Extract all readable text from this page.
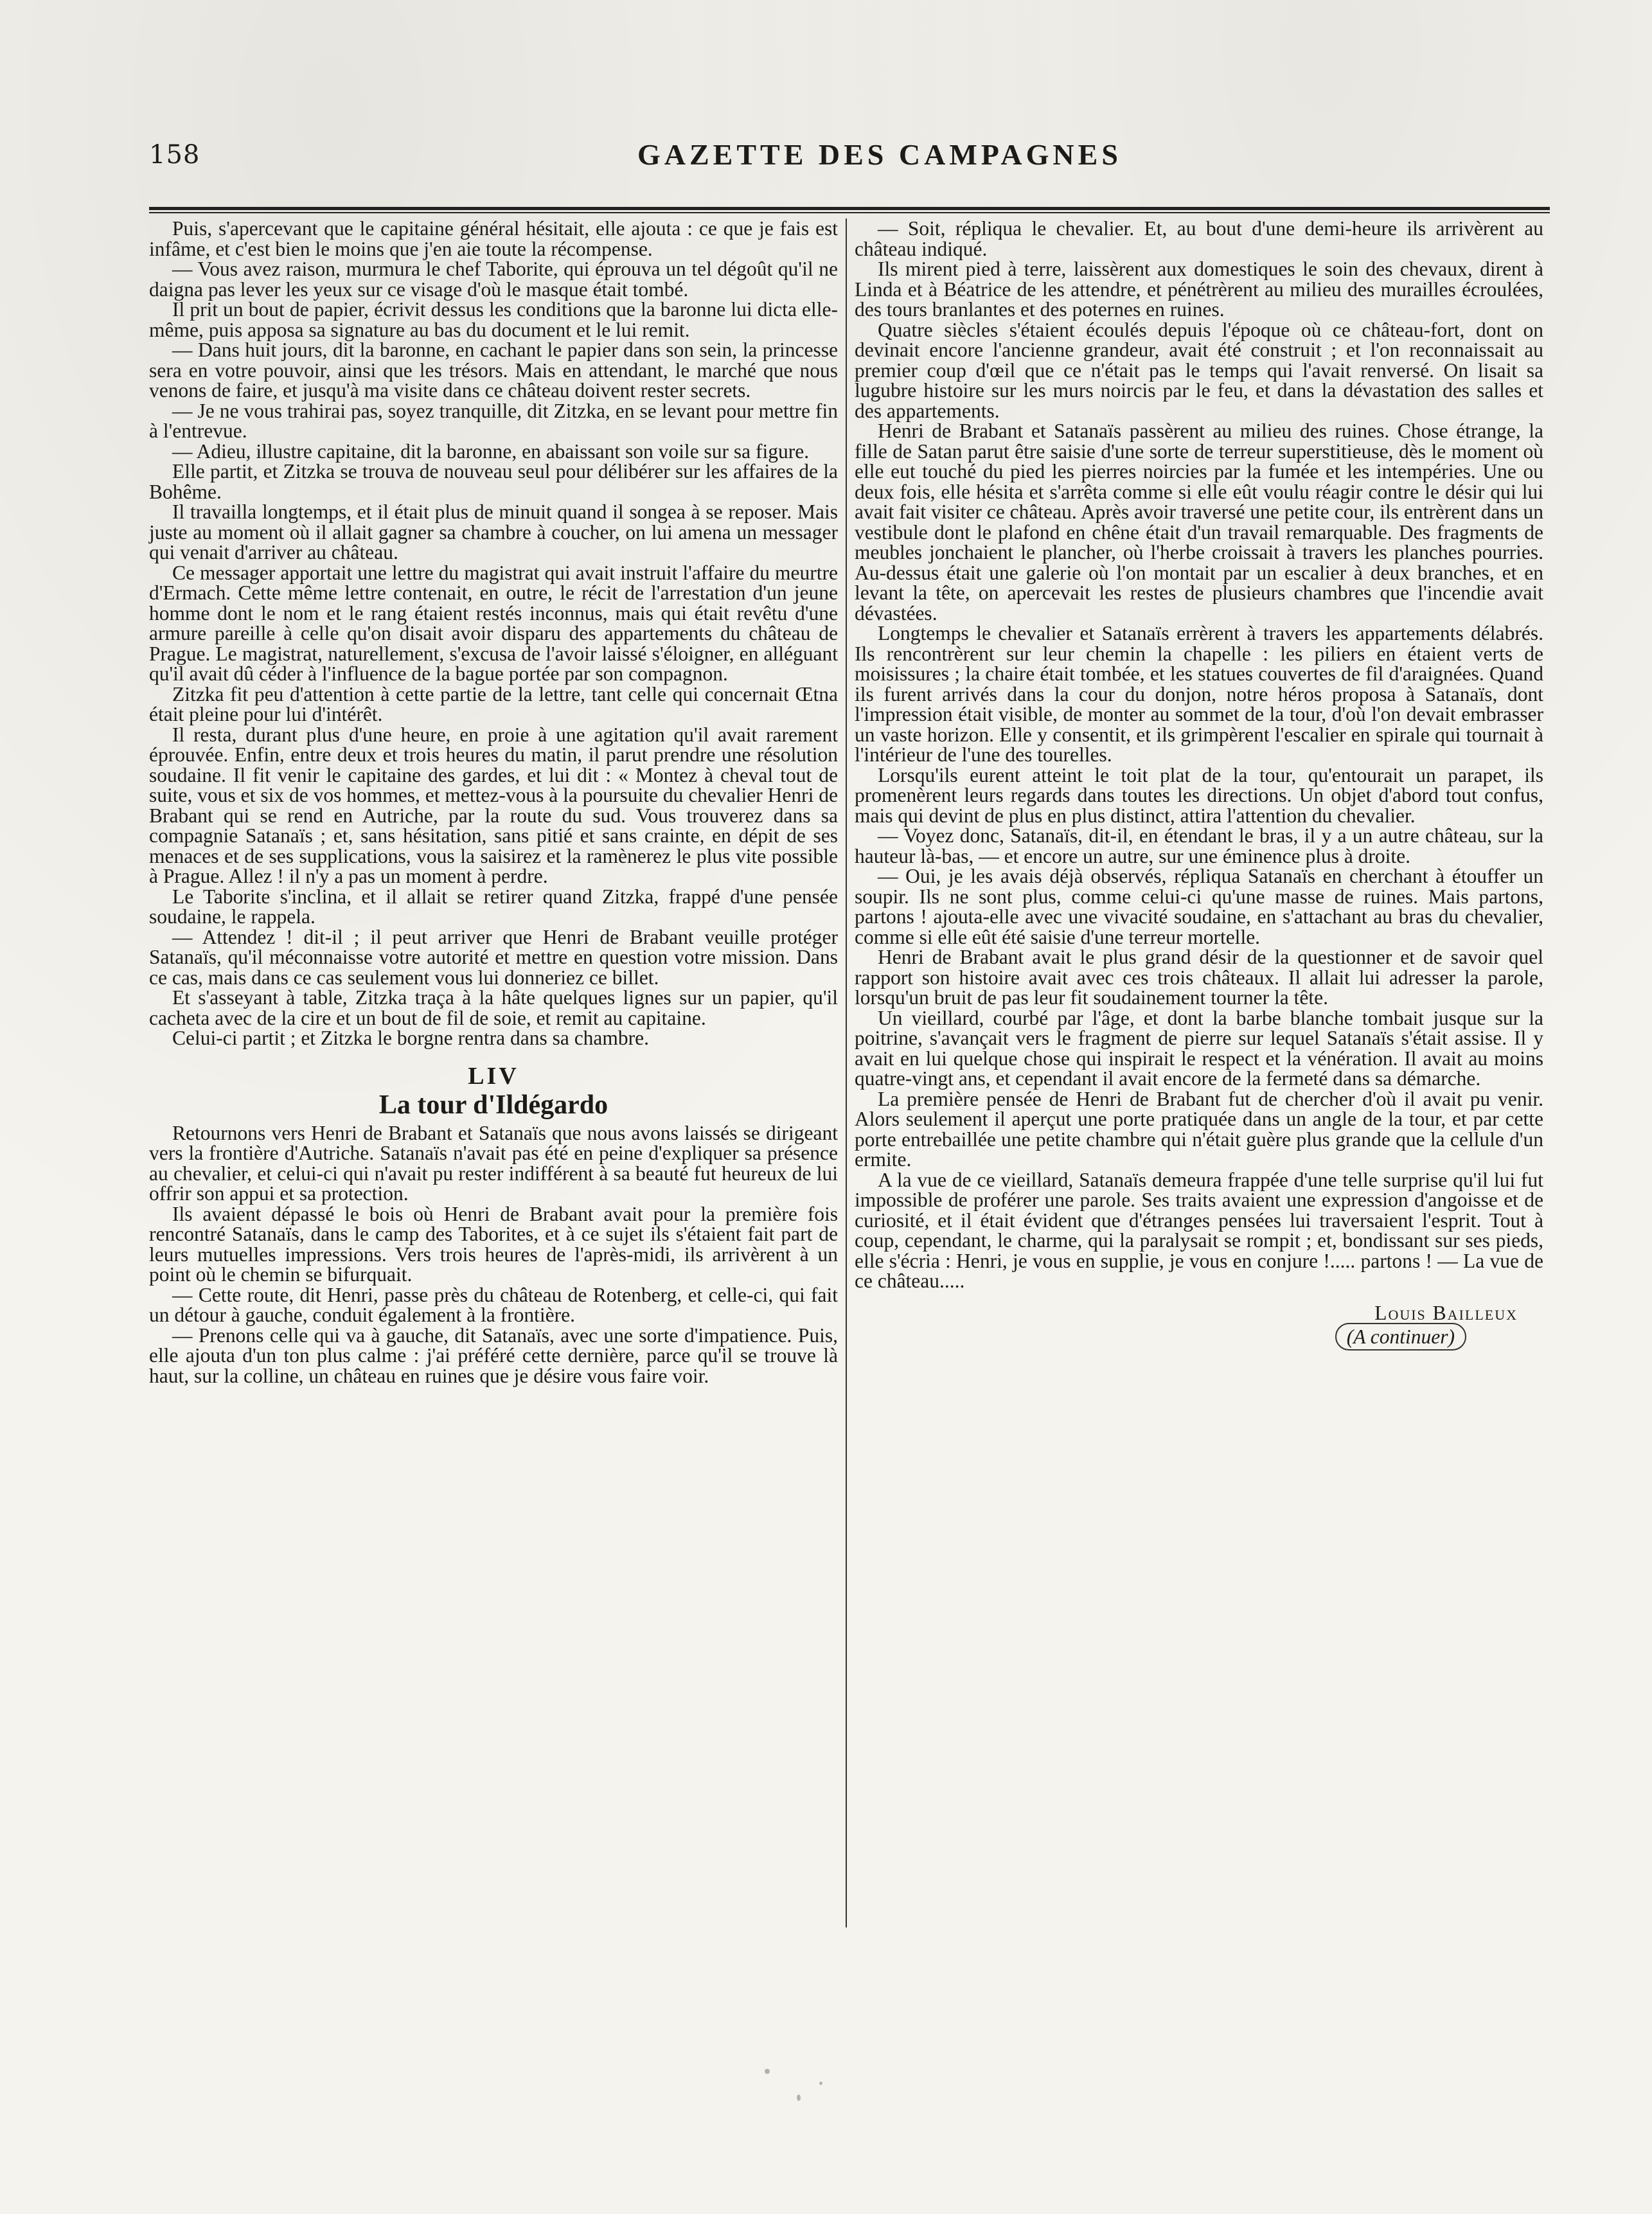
158	GAZETTE DES CAMPAGNES

Puis, s'apercevant que le capitaine général hésitait, elle ajouta : ce que je fais est infâme, et c'est bien le moins que j'en aie toute la récompense.

— Vous avez raison, murmura le chef Taborite, qui éprouva un tel dégoût qu'il ne daigna pas lever les yeux sur ce visage d'où le masque était tombé.

Il prit un bout de papier, écrivit dessus les conditions que la baronne lui dicta elle-même, puis apposa sa signature au bas du document et le lui remit.

— Dans huit jours, dit la baronne, en cachant le papier dans son sein, la princesse sera en votre pouvoir, ainsi que les trésors. Mais en attendant, le marché que nous venons de faire, et jusqu'à ma visite dans ce château doivent rester secrets.

— Je ne vous trahirai pas, soyez tranquille, dit Zitzka, en se levant pour mettre fin à l'entrevue.

— Adieu, illustre capitaine, dit la baronne, en abaissant son voile sur sa figure.

Elle partit, et Zitzka se trouva de nouveau seul pour délibérer sur les affaires de la Bohême.

Il travailla longtemps, et il était plus de minuit quand il songea à se reposer. Mais juste au moment où il allait gagner sa chambre à coucher, on lui amena un messager qui venait d'arriver au château.

Ce messager apportait une lettre du magistrat qui avait instruit l'affaire du meurtre d'Ermach. Cette même lettre contenait, en outre, le récit de l'arrestation d'un jeune homme dont le nom et le rang étaient restés inconnus, mais qui était revêtu d'une armure pareille à celle qu'on disait avoir disparu des appartements du château de Prague. Le magistrat, naturellement, s'excusa de l'avoir laissé s'éloigner, en alléguant qu'il avait dû céder à l'influence de la bague portée par son compagnon.

Zitzka fit peu d'attention à cette partie de la lettre, tant celle qui concernait Œtna était pleine pour lui d'intérêt.

Il resta, durant plus d'une heure, en proie à une agitation qu'il avait rarement éprouvée. Enfin, entre deux et trois heures du matin, il parut prendre une résolution soudaine. Il fit venir le capitaine des gardes, et lui dit : « Montez à cheval tout de suite, vous et six de vos hommes, et mettez-vous à la poursuite du chevalier Henri de Brabant qui se rend en Autriche, par la route du sud. Vous trouverez dans sa compagnie Satanaïs ; et, sans hésitation, sans pitié et sans crainte, en dépit de ses menaces et de ses supplications, vous la saisirez et la ramènerez le plus vite possible à Prague. Allez ! il n'y a pas un moment à perdre.

Le Taborite s'inclina, et il allait se retirer quand Zitzka, frappé d'une pensée soudaine, le rappela.

— Attendez ! dit-il ; il peut arriver que Henri de Brabant veuille protéger Satanaïs, qu'il méconnaisse votre autorité et mettre en question votre mission. Dans ce cas, mais dans ce cas seulement vous lui donneriez ce billet.

Et s'asseyant à table, Zitzka traça à la hâte quelques lignes sur un papier, qu'il cacheta avec de la cire et un bout de fil de soie, et remit au capitaine.

Celui-ci partit ; et Zitzka le borgne rentra dans sa chambre.

LIV
La tour d'Ildégardo

Retournons vers Henri de Brabant et Satanaïs que nous avons laissés se dirigeant vers la frontière d'Autriche. Satanaïs n'avait pas été en peine d'expliquer sa présence au chevalier, et celui-ci qui n'avait pu rester indifférent à sa beauté fut heureux de lui offrir son appui et sa protection.

Ils avaient dépassé le bois où Henri de Brabant avait pour la première fois rencontré Satanaïs, dans le camp des Taborites, et à ce sujet ils s'étaient fait part de leurs mutuelles impressions. Vers trois heures de l'après-midi, ils arrivèrent à un point où le chemin se bifurquait.

— Cette route, dit Henri, passe près du château de Rotenberg, et celle-ci, qui fait un détour à gauche, conduit également à la frontière.

— Prenons celle qui va à gauche, dit Satanaïs, avec une sorte d'impatience. Puis, elle ajouta d'un ton plus calme : j'ai préféré cette dernière, parce qu'il se trouve là haut, sur la colline, un château en ruines que je désire vous faire voir.

— Soit, répliqua le chevalier. Et, au bout d'une demi-heure ils arrivèrent au château indiqué.

Ils mirent pied à terre, laissèrent aux domestiques le soin des chevaux, dirent à Linda et à Béatrice de les attendre, et pénétrèrent au milieu des murailles écroulées, des tours branlantes et des poternes en ruines.

Quatre siècles s'étaient écoulés depuis l'époque où ce château-fort, dont on devinait encore l'ancienne grandeur, avait été construit ; et l'on reconnaissait au premier coup d'œil que ce n'était pas le temps qui l'avait renversé. On lisait sa lugubre histoire sur les murs noircis par le feu, et dans la dévastation des salles et des appartements.

Henri de Brabant et Satanaïs passèrent au milieu des ruines. Chose étrange, la fille de Satan parut être saisie d'une sorte de terreur superstitieuse, dès le moment où elle eut touché du pied les pierres noircies par la fumée et les intempéries. Une ou deux fois, elle hésita et s'arrêta comme si elle eût voulu réagir contre le désir qui lui avait fait visiter ce château. Après avoir traversé une petite cour, ils entrèrent dans un vestibule dont le plafond en chêne était d'un travail remarquable. Des fragments de meubles jonchaient le plancher, où l'herbe croissait à travers les planches pourries. Au-dessus était une galerie où l'on montait par un escalier à deux branches, et en levant la tête, on apercevait les restes de plusieurs chambres que l'incendie avait dévastées.

Longtemps le chevalier et Satanaïs errèrent à travers les appartements délabrés. Ils rencontrèrent sur leur chemin la chapelle : les piliers en étaient verts de moisissures ; la chaire était tombée, et les statues couvertes de fil d'araignées. Quand ils furent arrivés dans la cour du donjon, notre héros proposa à Satanaïs, dont l'impression était visible, de monter au sommet de la tour, d'où l'on devait embrasser un vaste horizon. Elle y consentit, et ils grimpèrent l'escalier en spirale qui tournait à l'intérieur de l'une des tourelles.

Lorsqu'ils eurent atteint le toit plat de la tour, qu'entourait un parapet, ils promenèrent leurs regards dans toutes les directions. Un objet d'abord tout confus, mais qui devint de plus en plus distinct, attira l'attention du chevalier.

— Voyez donc, Satanaïs, dit-il, en étendant le bras, il y a un autre château, sur la hauteur là-bas, — et encore un autre, sur une éminence plus à droite.

— Oui, je les avais déjà observés, répliqua Satanaïs en cherchant à étouffer un soupir. Ils ne sont plus, comme celui-ci qu'une masse de ruines. Mais partons, partons ! ajouta-elle avec une vivacité soudaine, en s'attachant au bras du chevalier, comme si elle eût été saisie d'une terreur mortelle.

Henri de Brabant avait le plus grand désir de la questionner et de savoir quel rapport son histoire avait avec ces trois châteaux. Il allait lui adresser la parole, lorsqu'un bruit de pas leur fit soudainement tourner la tête.

Un vieillard, courbé par l'âge, et dont la barbe blanche tombait jusque sur la poitrine, s'avançait vers le fragment de pierre sur lequel Satanaïs s'était assise. Il y avait en lui quelque chose qui inspirait le respect et la vénération. Il avait au moins quatre-vingt ans, et cependant il avait encore de la fermeté dans sa démarche.

La première pensée de Henri de Brabant fut de chercher d'où il avait pu venir. Alors seulement il aperçut une porte pratiquée dans un angle de la tour, et par cette porte entrebaillée une petite chambre qui n'était guère plus grande que la cellule d'un ermite.

A la vue de ce vieillard, Satanaïs demeura frappée d'une telle surprise qu'il lui fut impossible de proférer une parole. Ses traits avaient une expression d'angoisse et de curiosité, et il était évident que d'étranges pensées lui traversaient l'esprit. Tout à coup, cependant, le charme, qui la paralysait se rompit ; et, bondissant sur ses pieds, elle s'écria : Henri, je vous en supplie, je vous en conjure !..... partons ! — La vue de ce château.....

Louis Bailleux
(A continuer)
